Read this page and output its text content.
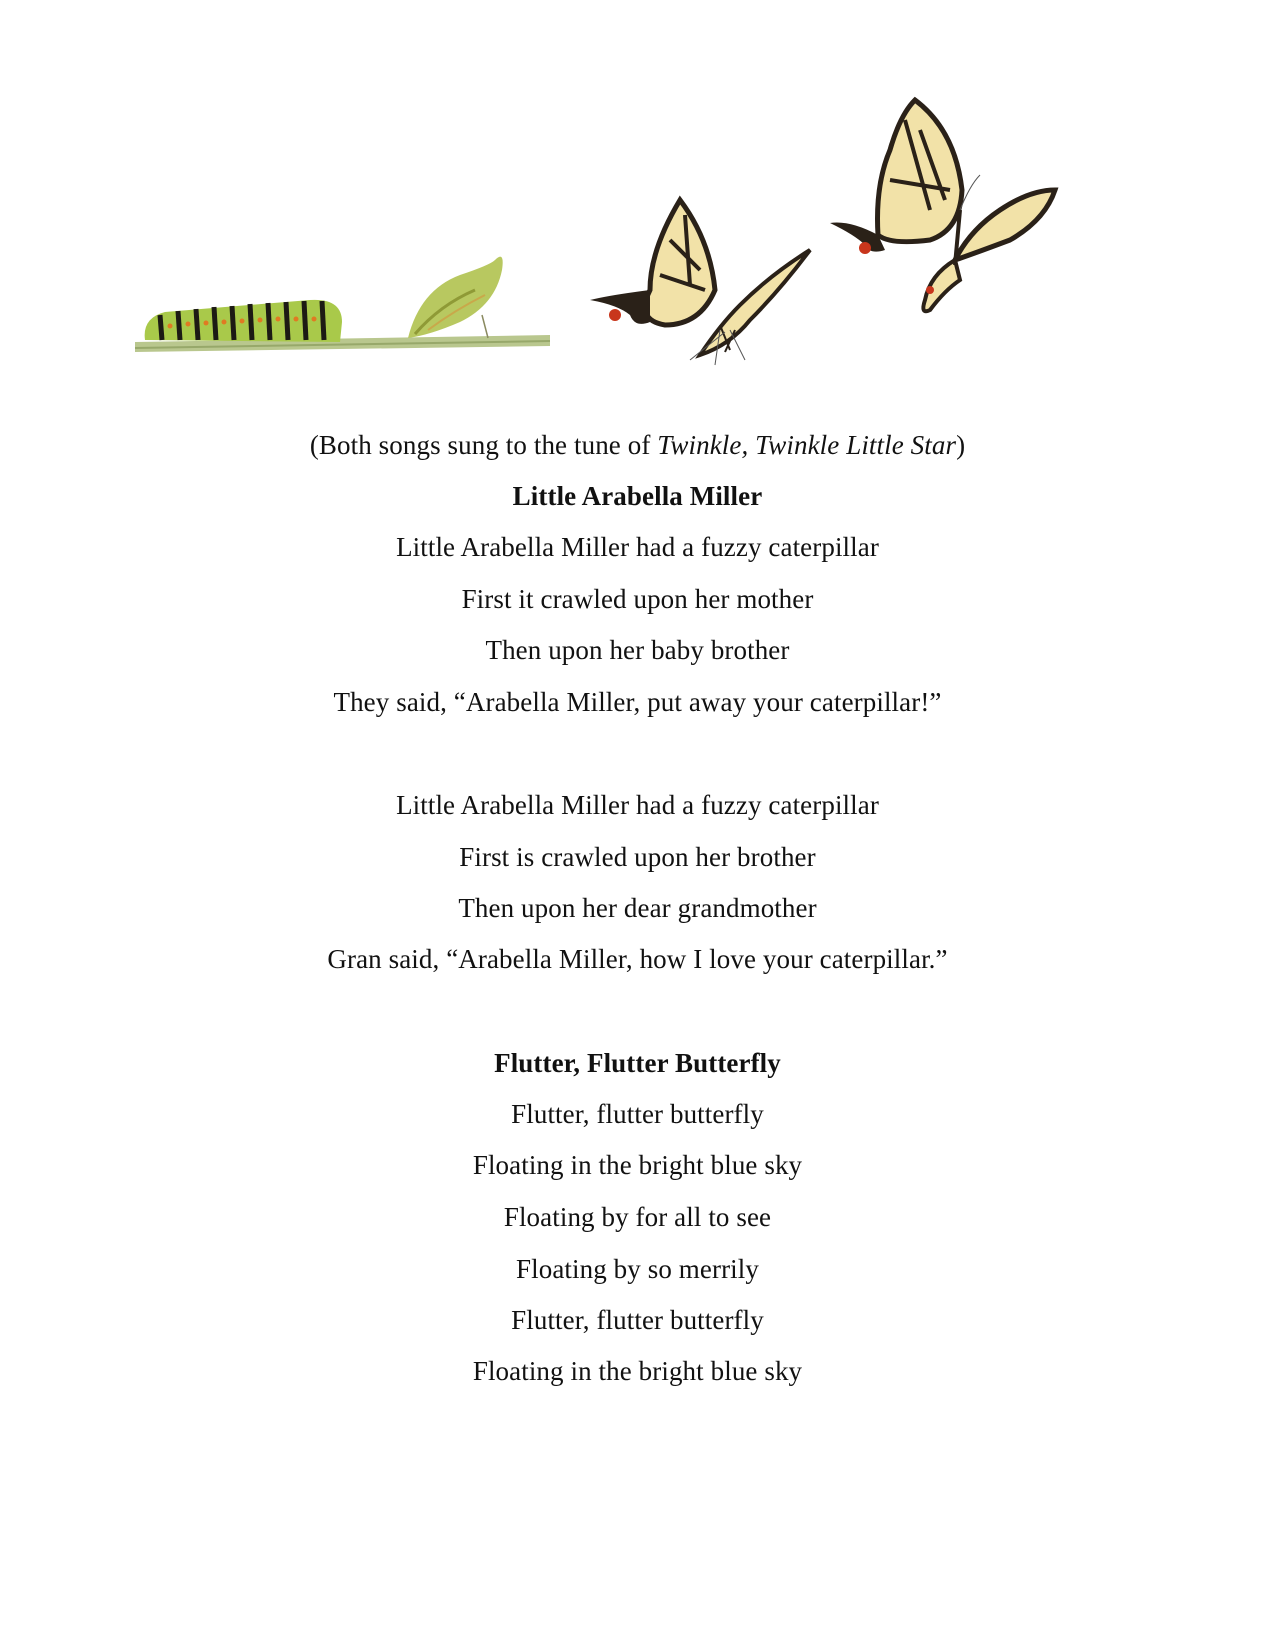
(Both songs sung to the tune of Twinkle, Twinkle Little Star)
Little Arabella Miller
Little Arabella Miller had a fuzzy caterpillar
First it crawled upon her mother
Then upon her baby brother
They said, “Arabella Miller, put away your caterpillar!”
Little Arabella Miller had a fuzzy caterpillar
First is crawled upon her brother
Then upon her dear grandmother
Gran said, “Arabella Miller, how I love your caterpillar.”
Flutter, Flutter Butterfly
Flutter, flutter butterfly
Floating in the bright blue sky
Floating by for all to see
Floating by so merrily
Flutter, flutter butterfly
Floating in the bright blue sky
